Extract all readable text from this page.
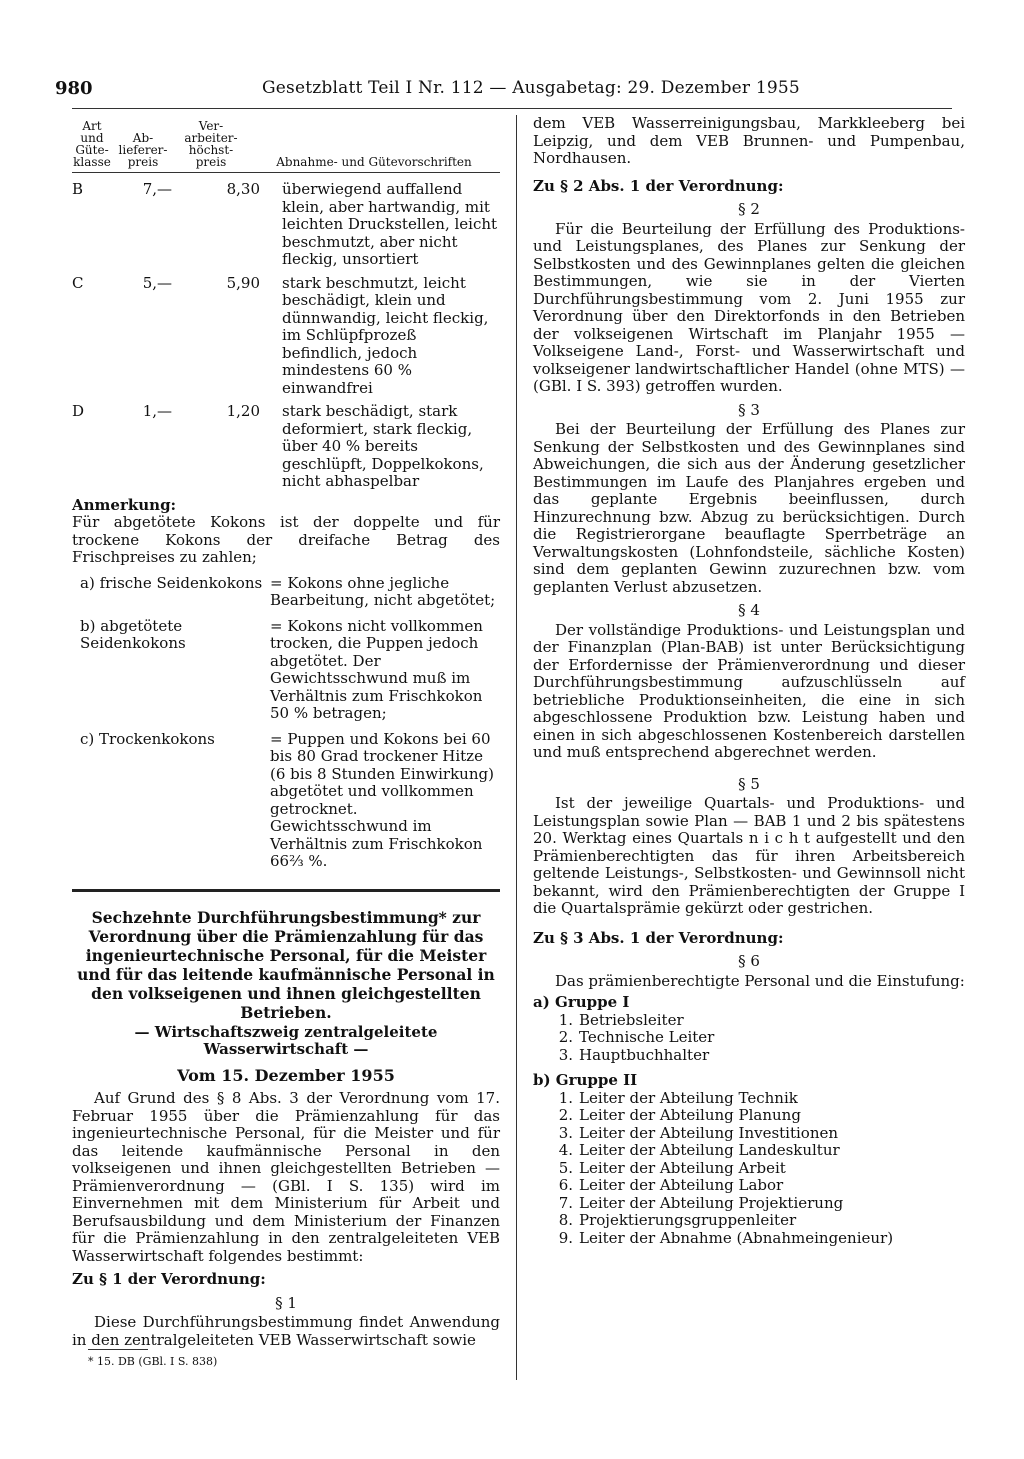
980	Gesetzblatt Teil I Nr. 112 — Ausgabetag: 29. Dezember 1955
Art und Güte- klasse	Ab- lieferer- preis	Ver- arbeiter- höchst- preis	Abnahme- und Gütevorschriften
B	7,—	8,30 überwiegend auffallend klein, aber hartwandig, mit leichten Druckstellen, leicht beschmutzt, aber nicht fleckig, unsortiert
C	5,—	5,90 stark beschmutzt, leicht beschädigt, klein und dünnwandig, leicht fleckig, im Schlüpfprozeß befindlich, jedoch mindestens 60 % einwandfrei
D	1,—	1,20 stark beschädigt, stark deformiert, stark fleckig, über 40 % bereits geschlüpft, Doppelkokons, nicht abhaspelbar

Anmerkung:

Für abgetötete Kokons ist der doppelte und für trockene Kokons der dreifache Betrag des Frischpreises zu zahlen;

a) frische Seidenkokons = Kokons ohne jegliche Bearbeitung, nicht abgetötet;
b) abgetötete Seidenkokons
= Kokons nicht vollkommen trocken, die Puppen jedoch abgetötet. Der Gewichtsschwund muß im Verhältnis zum Frischkokon 50 % betragen;
c) Trockenkokons	= Puppen und Kokons bei 60 bis 80 Grad trockener Hitze (6 bis 8 Stunden Einwirkung) abgetötet und vollkommen getrocknet. Gewichtsschwund im Verhältnis zum Frischkokon 66⅔ %.

Sechzehnte Durchführungsbestimmung* zur Verordnung über die Prämienzahlung für das ingenieurtechnische Personal, für die Meister und für das leitende kaufmännische Personal in den volkseigenen und ihnen gleichgestellten Betrieben.

— Wirtschaftszweig zentralgeleitete Wasserwirtschaft —

Vom 15. Dezember 1955

Auf Grund des § 8 Abs. 3 der Verordnung vom 17. Februar 1955 über die Prämienzahlung für das ingenieurtechnische Personal, für die Meister und für das leitende kaufmännische Personal in den volkseigenen und ihnen gleichgestellten Betrieben — Prämienverordnung — (GBl. I S. 135) wird im Einvernehmen mit dem Ministerium für Arbeit und Berufsausbildung und dem Ministerium der Finanzen für die Prämienzahlung in den zentralgeleiteten VEB Wasserwirtschaft folgendes bestimmt:

Zu § 1 der Verordnung:

§ 1

Diese Durchführungsbestimmung findet Anwendung in den zentralgeleiteten VEB Wasserwirtschaft sowie

* 15. DB (GBl. I S. 838)

dem VEB Wasserreinigungsbau, Markkleeberg bei Leipzig, und dem VEB Brunnen- und Pumpenbau, Nordhausen.

Zu § 2 Abs. 1 der Verordnung:

§ 2

Für die Beurteilung der Erfüllung des Produktions- und Leistungsplanes, des Planes zur Senkung der Selbstkosten und des Gewinnplanes gelten die gleichen Bestimmungen, wie sie in der Vierten Durchführungsbestimmung vom 2. Juni 1955 zur Verordnung über den Direktorfonds in den Betrieben der volkseigenen Wirtschaft im Planjahr 1955 — Volkseigene Land-, Forst- und Wasserwirtschaft und volkseigener landwirtschaftlicher Handel (ohne MTS) — (GBl. I S. 393) getroffen wurden.

§ 3

Bei der Beurteilung der Erfüllung des Planes zur Senkung der Selbstkosten und des Gewinnplanes sind Abweichungen, die sich aus der Änderung gesetzlicher Bestimmungen im Laufe des Planjahres ergeben und das geplante Ergebnis beeinflussen, durch Hinzurechnung bzw. Abzug zu berücksichtigen. Durch die Registrierorgane beauflagte Sperrbeträge an Verwaltungskosten (Lohnfondsteile, sächliche Kosten) sind dem geplanten Gewinn zuzurechnen bzw. vom geplanten Verlust abzusetzen.

§ 4

Der vollständige Produktions- und Leistungsplan und der Finanzplan (Plan-BAB) ist unter Berücksichtigung der Erfordernisse der Prämienverordnung und dieser Durchführungsbestimmung aufzuschlüsseln auf betriebliche Produktionseinheiten, die eine in sich abgeschlossene Produktion bzw. Leistung haben und einen in sich abgeschlossenen Kostenbereich darstellen und muß entsprechend abgerechnet werden.

§ 5

Ist der jeweilige Quartals- und Produktions- und Leistungsplan sowie Plan — BAB 1 und 2 bis spätestens 20. Werktag eines Quartals n i c h t aufgestellt und den Prämienberechtigten das für ihren Arbeitsbereich geltende Leistungs-, Selbstkosten- und Gewinnsoll nicht bekannt, wird den Prämienberechtigten der Gruppe I die Quartalsprämie gekürzt oder gestrichen.

Zu § 3 Abs. 1 der Verordnung:

§ 6

Das prämienberechtigte Personal und die Einstufung:

a) Gruppe I

1. Betriebsleiter
2. Technische Leiter
3. Hauptbuchhalter

b) Gruppe II

1. Leiter der Abteilung Technik
2. Leiter der Abteilung Planung
3. Leiter der Abteilung Investitionen
4. Leiter der Abteilung Landeskultur
5. Leiter der Abteilung Arbeit
6. Leiter der Abteilung Labor
7. Leiter der Abteilung Projektierung
8. Projektierungsgruppenleiter
9. Leiter der Abnahme (Abnahmeingenieur)
